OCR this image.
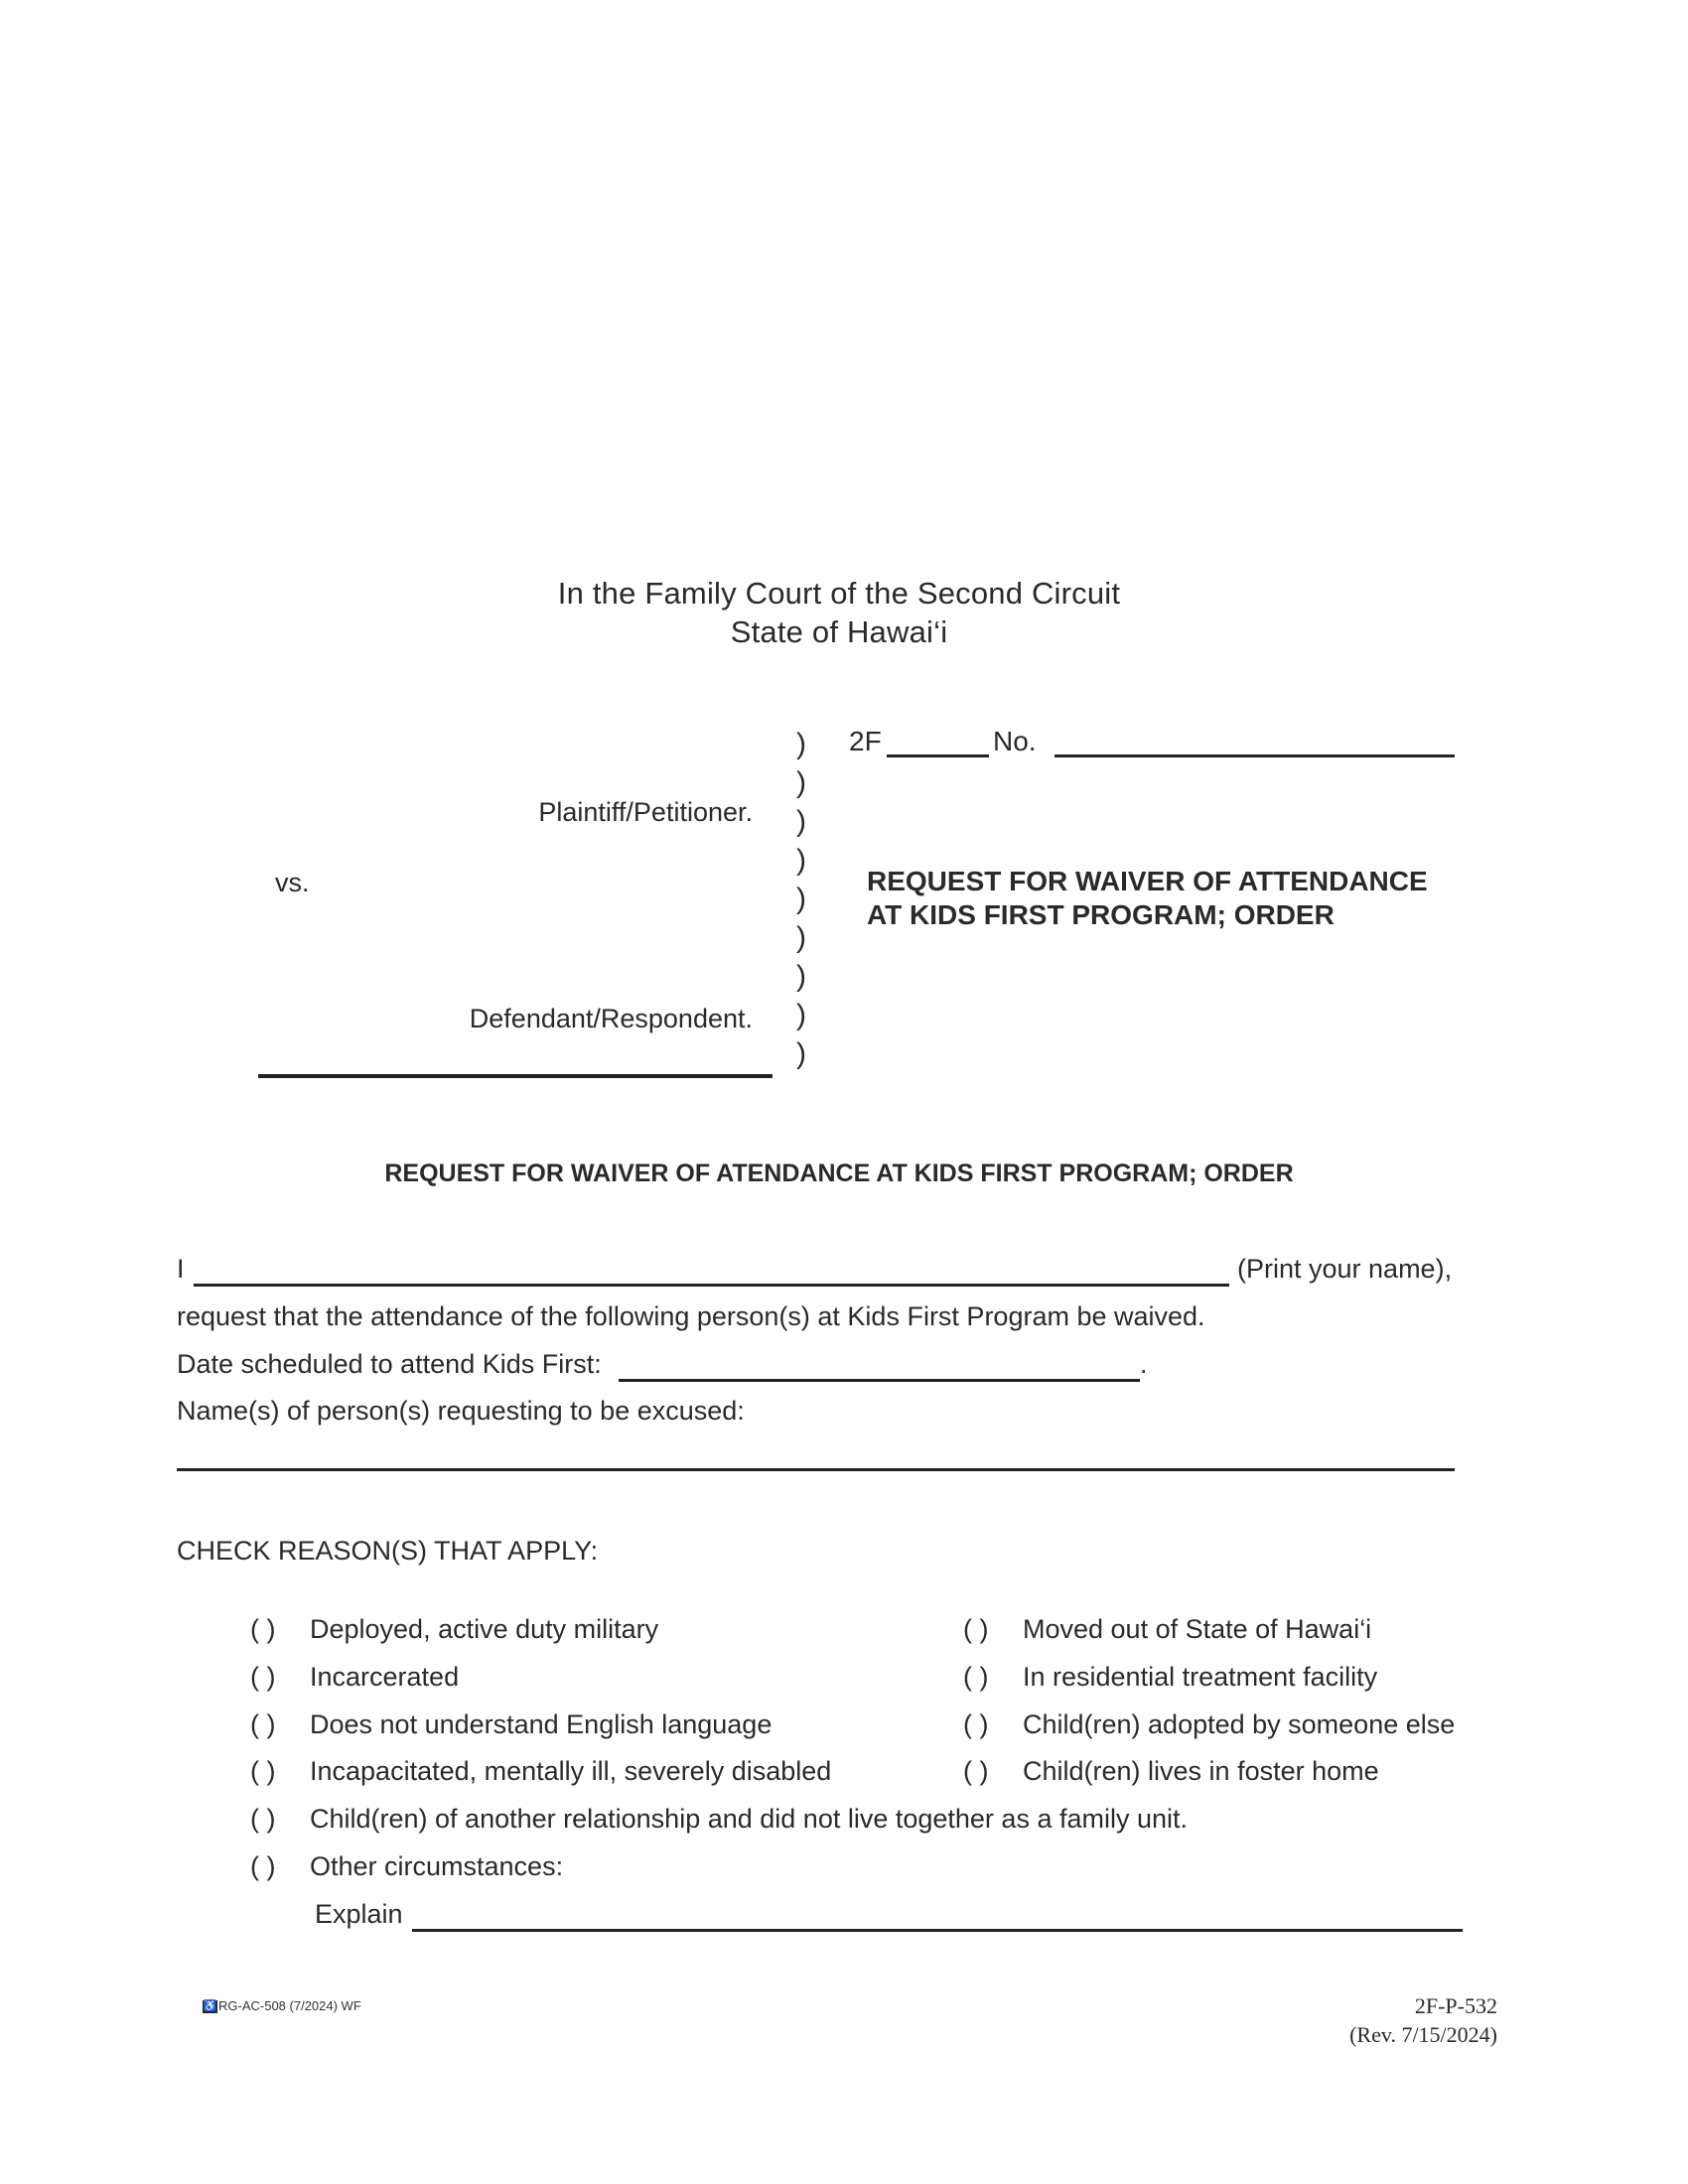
In the Family Court of the Second Circuit
State of Hawai‘i
)
)
)
)
)
)
)
)
)
2F	No.
Plaintiff/Petitioner.
vs.
Defendant/Respondent.
REQUEST FOR WAIVER OF ATTENDANCE
AT KIDS FIRST PROGRAM; ORDER
REQUEST FOR WAIVER OF ATENDANCE AT KIDS FIRST PROGRAM; ORDER
I	(Print your name),
request that the attendance of the following person(s) at Kids First Program be waived.
Date scheduled to attend Kids First:	.
Name(s) of person(s) requesting to be excused:
CHECK REASON(S) THAT APPLY:
( ) Deployed, active duty military
( ) Incarcerated
( ) Does not understand English language
( ) Incapacitated, mentally ill, severely disabled
( ) Moved out of State of Hawai‘i
( ) In residential treatment facility
( ) Child(ren) adopted by someone else
( ) Child(ren) lives in foster home
( ) Child(ren) of another relationship and did not live together as a family unit.
( ) Other circumstances:
Explain
♿ RG-AC-508 (7/2024) WF	2F-P-532
(Rev. 7/15/2024)
